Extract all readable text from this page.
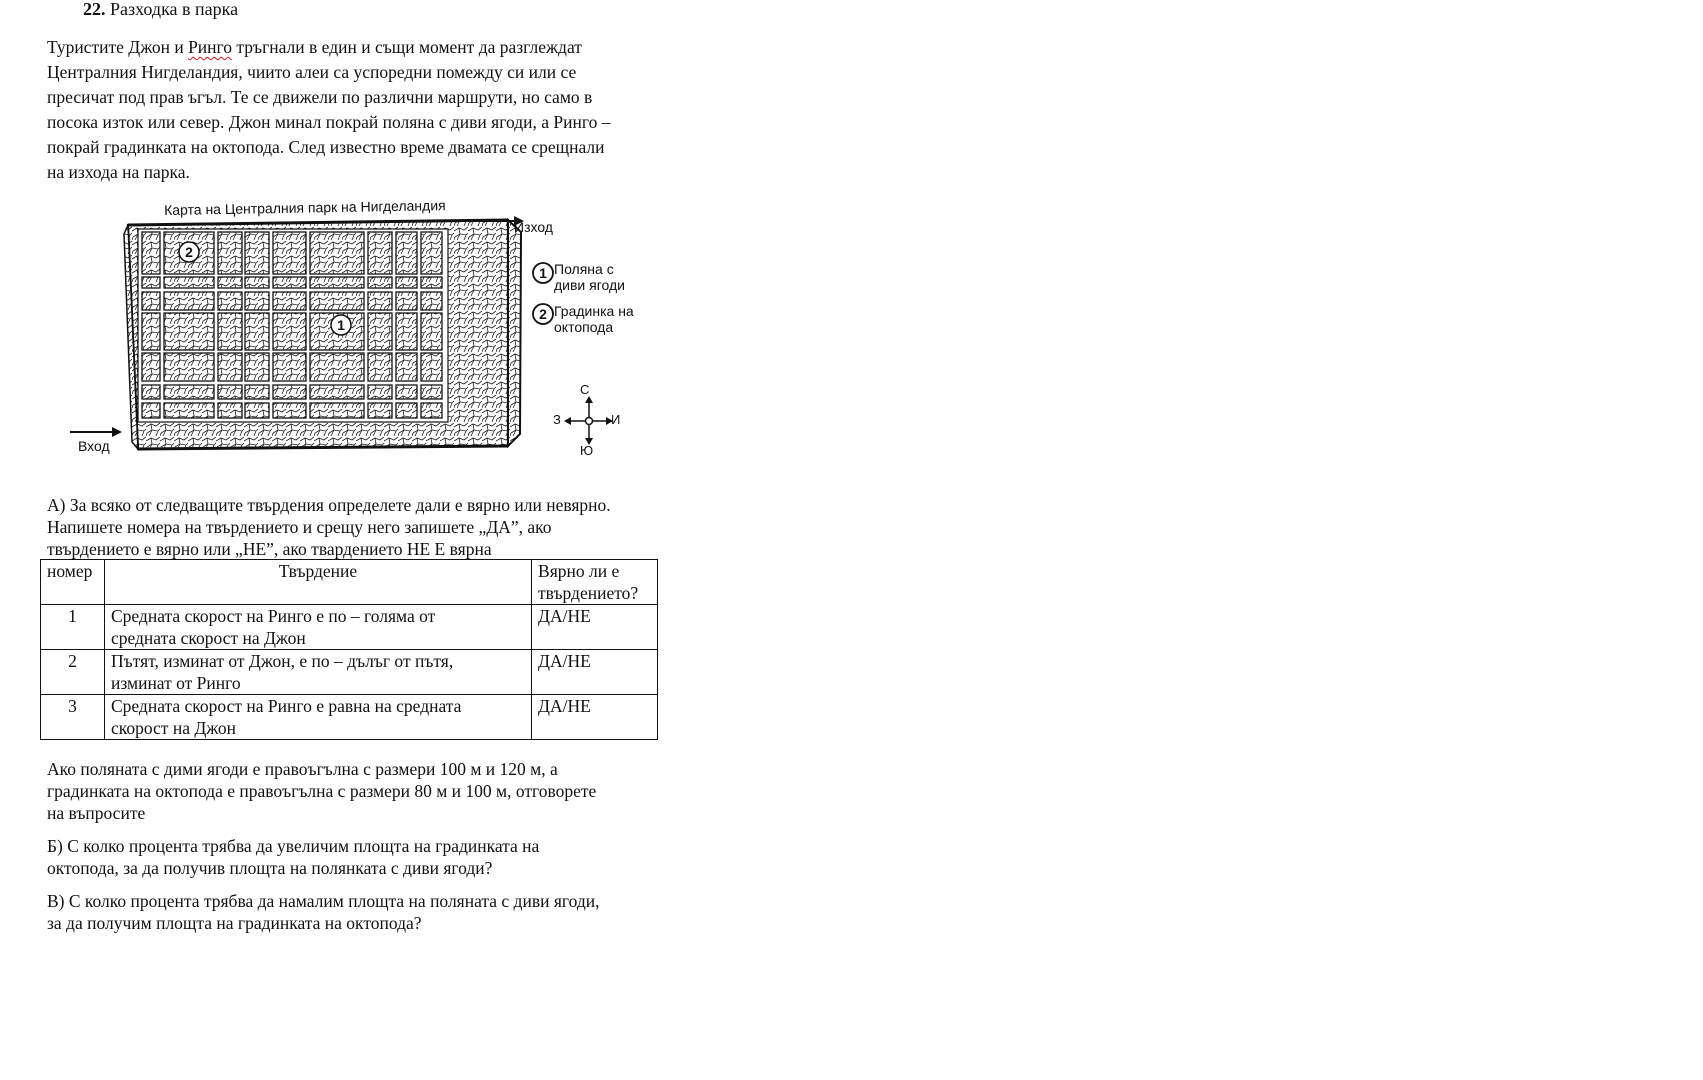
22. Разходка в парка

Туристите Джон и Ринго тръгнали в един и същи момент да разглеждат

Централния Нигделандия, чиито алеи са успоредни помежду си или се

пресичат под прав ъгъл. Те се движели по различни маршрути, но само в

посока изток или север. Джон минал покрай поляна с диви ягоди, а Ринго –

покрай градинката на октопода. След известно време двамата се срещнали

на изхода на парка.

2
1
1
2
Карта на Централния парк на Нигделандия
Изход
Вход
Поляна с
диви ягоди
Градинка на
октопода
С
Ю
З	И

А) За всяко от следващите твърдения определете дали е вярно или невярно.

Напишете номера на твърдението и срещу него запишете „ДА”, ако

твърдението е вярно или „НЕ”, ако твардението НЕ Е вярна

номер	Твърдение	Вярно ли е
твърдението?

1	Средната скорост на Ринго е по – голяма от
средната скорост на Джон	ДА/НЕ
2	Пътят, изминат от Джон, е по – дълъг от пътя,
изминат от Ринго	ДА/НЕ
3	Средната скорост на Ринго е равна на средната
скорост на Джон	ДА/НЕ
Ако поляната с дими ягоди е правоъгълна с размери 100 м и 120 м, а
градинката на октопода е правоъгълна с размери 80 м и 100 м, отговорете
на въпросите
Б) С колко процента трябва да увеличим площта на градинката на
октопода, за да получив площта на полянката с диви ягоди?
В) С колко процента трябва да намалим площта на поляната с диви ягоди,
за да получим площта на градинката на октопода?
